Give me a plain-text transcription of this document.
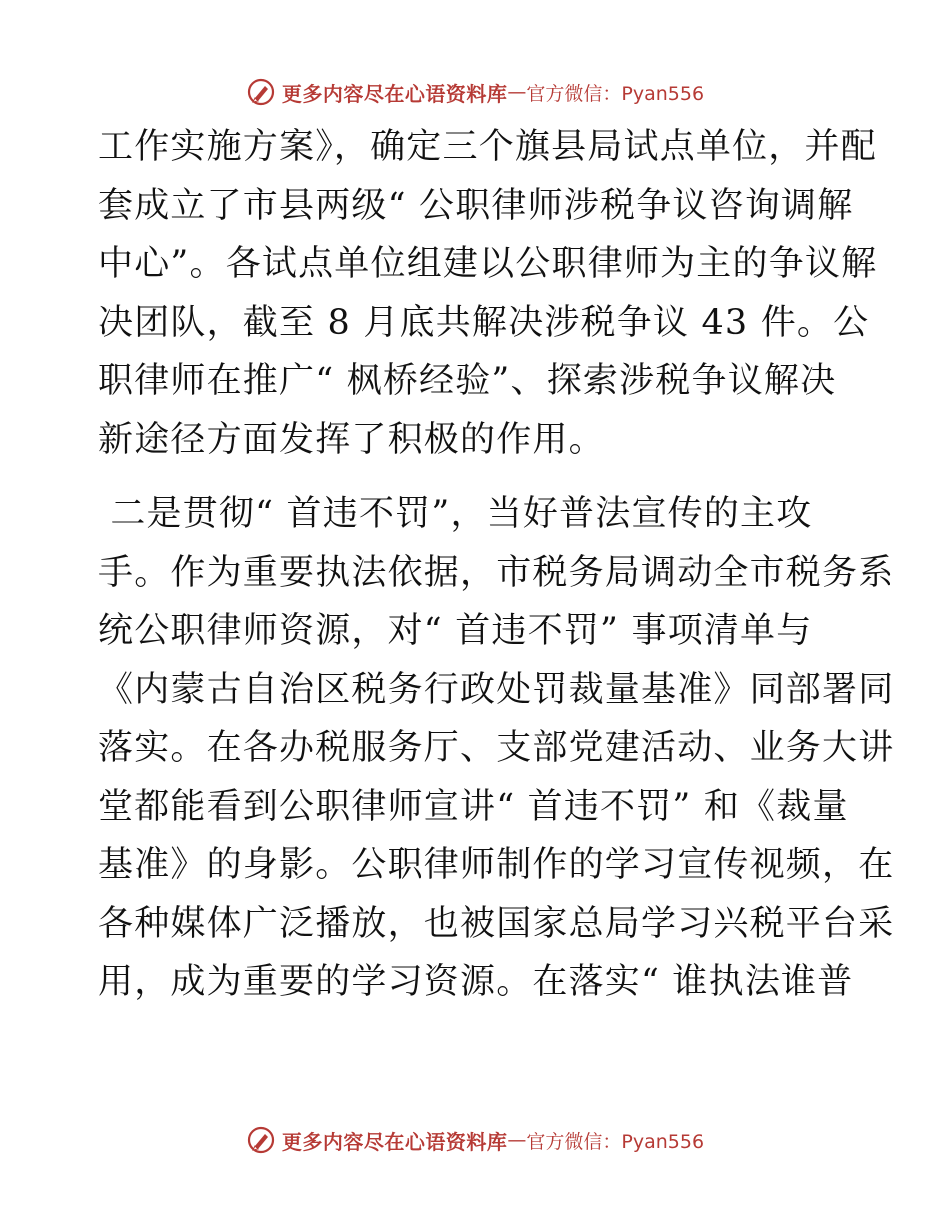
更多内容尽在心语资料库 — 官方微信：Pyan556
工作实施方案》，确定三个旗县局试点单位，并配
套成立了市县两级“ 公职律师涉税争议咨询调解
中心”。各试点单位组建以公职律师为主的争议解
决团队，截至 8 月底共解决涉税争议 43 件。公
职律师在推广“ 枫桥经验”、探索涉税争议解决
新途径方面发挥了积极的作用。
二是贯彻“ 首违不罚”，当好普法宣传的主攻
手。作为重要执法依据，市税务局调动全市税务系
统公职律师资源，对“ 首违不罚” 事项清单与
《内蒙古自治区税务行政处罚裁量基准》同部署同
落实。在各办税服务厅、支部党建活动、业务大讲
堂都能看到公职律师宣讲“ 首违不罚” 和《裁量
基准》的身影。公职律师制作的学习宣传视频，在
各种媒体广泛播放，也被国家总局学习兴税平台采
用，成为重要的学习资源。在落实“ 谁执法谁普
更多内容尽在心语资料库 — 官方微信：Pyan556
